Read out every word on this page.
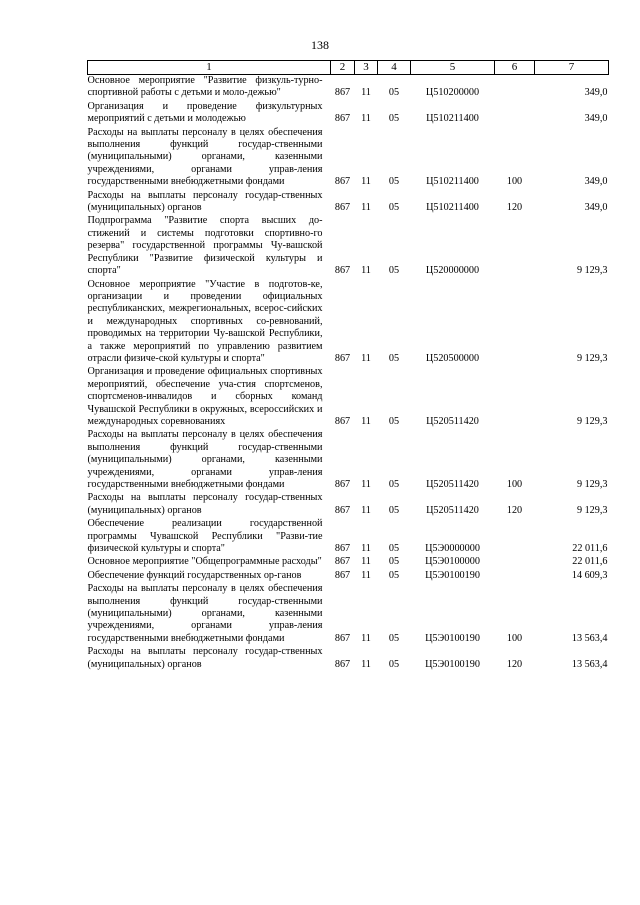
138
1	2	3	4	5	6	7
Основное мероприятие "Развитие физкуль-турно-спортивной работы с детьми и моло-дежью"	867	11	05	Ц510200000		349,0
Организация и проведение физкультурных мероприятий с детьми и молодежью	867	11	05	Ц510211400		349,0
Расходы на выплаты персоналу в целях обеспечения выполнения функций государ-ственными (муниципальными) органами, казенными учреждениями, органами управ-ления государственными внебюджетными фондами	867	11	05	Ц510211400	100	349,0
Расходы на выплаты персоналу государ-ственных (муниципальных) органов	867	11	05	Ц510211400	120	349,0
Подпрограмма "Развитие спорта высших до-стижений и системы подготовки спортивно-го резерва" государственной программы Чу-вашской Республики "Развитие физической культуры и спорта"	867	11	05	Ц520000000		9 129,3
Основное мероприятие "Участие в подготов-ке, организации и проведении официальных республиканских, межрегиональных, всерос-сийских и международных спортивных со-ревнований, проводимых на территории Чу-вашской Республики, а также мероприятий по управлению развитием отрасли физиче-ской культуры и спорта"	867	11	05	Ц520500000		9 129,3
Организация и проведение официальных спортивных мероприятий, обеспечение уча-стия спортсменов, спортсменов-инвалидов и сборных команд Чувашской Республики в окружных, всероссийских и международных соревнованиях	867	11	05	Ц520511420		9 129,3
Расходы на выплаты персоналу в целях обеспечения выполнения функций государ-ственными (муниципальными) органами, казенными учреждениями, органами управ-ления государственными внебюджетными фондами	867	11	05	Ц520511420	100	9 129,3
Расходы на выплаты персоналу государ-ственных (муниципальных) органов	867	11	05	Ц520511420	120	9 129,3
Обеспечение реализации государственной программы Чувашской Республики "Разви-тие физической культуры и спорта"	867	11	05	Ц5Э0000000		22 011,6
Основное мероприятие "Общепрограммные расходы"	867	11	05	Ц5Э0100000		22 011,6
Обеспечение функций государственных ор-ганов	867	11	05	Ц5Э0100190		14 609,3
Расходы на выплаты персоналу в целях обеспечения выполнения функций государ-ственными (муниципальными) органами, казенными учреждениями, органами управ-ления государственными внебюджетными фондами	867	11	05	Ц5Э0100190	100	13 563,4
Расходы на выплаты персоналу государ-ственных (муниципальных) органов	867	11	05	Ц5Э0100190	120	13 563,4
